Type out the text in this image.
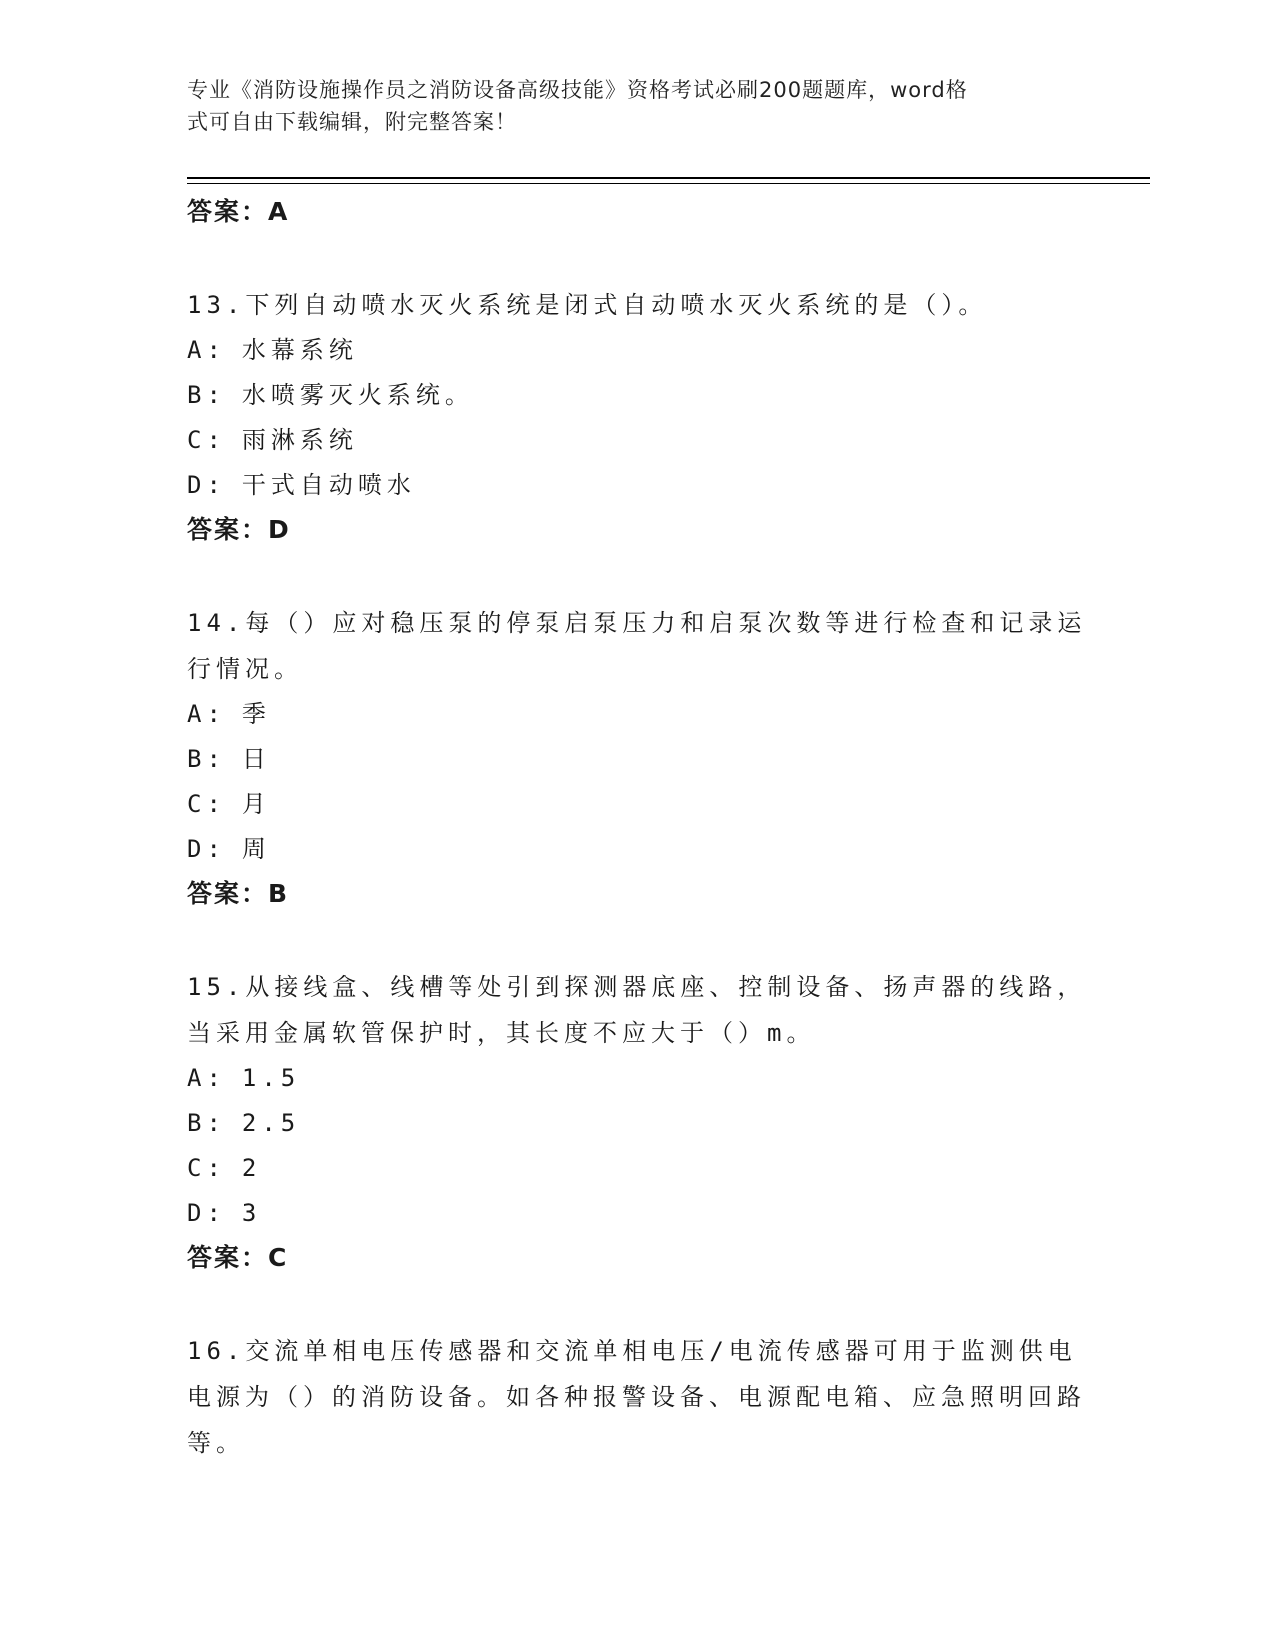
专业《消防设施操作员之消防设备高级技能》资格考试必刷200题题库，word格
式可自由下载编辑，附完整答案！
答案：A
13.下列自动喷水灭火系统是闭式自动喷水灭火系统的是（）。
A: 水幕系统
B: 水喷雾灭火系统。
C: 雨淋系统
D: 干式自动喷水
答案：D
14.每（）应对稳压泵的停泵启泵压力和启泵次数等进行检查和记录运行情况。
A: 季
B: 日
C: 月
D: 周
答案：B
15.从接线盒、线槽等处引到探测器底座、控制设备、扬声器的线路，当采用金属软管保护时，其长度不应大于（）m。
A: 1.5
B: 2.5
C: 2
D: 3
答案：C
16.交流单相电压传感器和交流单相电压/电流传感器可用于监测供电电源为（）的消防设备。如各种报警设备、电源配电箱、应急照明回路等。
